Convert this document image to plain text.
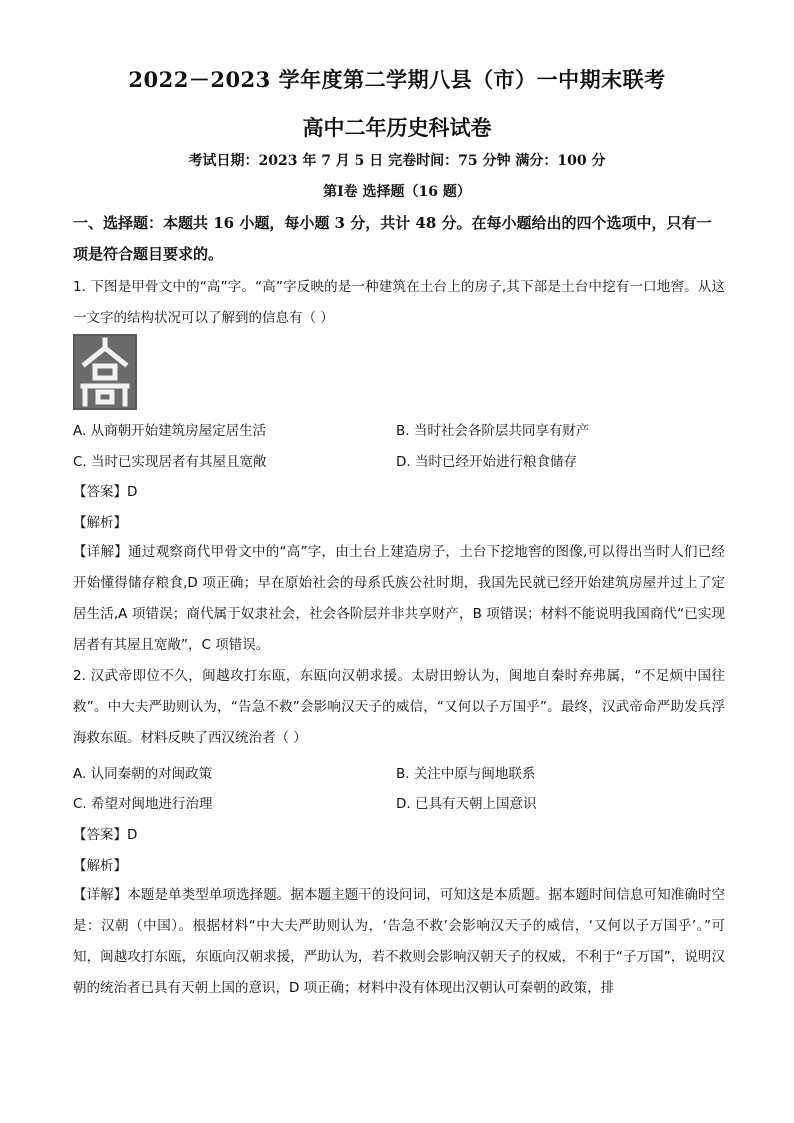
2022－2023 学年度第二学期八县（市）一中期末联考
高中二年历史科试卷
考试日期：2023 年 7 月 5 日 完卷时间：75 分钟 满分：100 分
第Ⅰ卷 选择题（16 题）
一、选择题：本题共 16 小题，每小题 3 分，共计 48 分。在每小题给出的四个选项中，只有一项是符合题目要求的。
1. 下图是甲骨文中的“高”字。“高”字反映的是一种建筑在土台上的房子,其下部是土台中挖有一口地窖。从这一文字的结构状况可以了解到的信息有（ ）
A. 从商朝开始建筑房屋定居生活	B. 当时社会各阶层共同享有财产
C. 当时已实现居者有其屋且宽敞	D. 当时已经开始进行粮食储存
【答案】D
【解析】
【详解】通过观察商代甲骨文中的“高”字，由土台上建造房子，土台下挖地窖的图像,可以得出当时人们已经开始懂得储存粮食,D 项正确；早在原始社会的母系氏族公社时期，我国先民就已经开始建筑房屋并过上了定居生活,A 项错误；商代属于奴隶社会，社会各阶层并非共享财产，B 项错误；材料不能说明我国商代“已实现居者有其屋且宽敞”，C 项错误。
2. 汉武帝即位不久，闽越攻打东瓯，东瓯向汉朝求援。太尉田蚡认为，闽地自秦时弃弗属，“不足烦中国往救”。中大夫严助则认为，“告急不救”会影响汉天子的威信，“又何以子万国乎”。最终，汉武帝命严助发兵浮海救东瓯。材料反映了西汉统治者（ ）
A. 认同秦朝的对闽政策	B. 关注中原与闽地联系
C. 希望对闽地进行治理	D. 已具有天朝上国意识
【答案】D
【解析】
【详解】本题是单类型单项选择题。据本题主题干的设问词，可知这是本质题。据本题时间信息可知准确时空是：汉朝（中国）。根据材料“中大夫严助则认为，‘告急不救’会影响汉天子的威信，‘又何以子万国乎’。”可知，闽越攻打东瓯，东瓯向汉朝求援，严助认为，若不救则会影响汉朝天子的权威，不利于“子万国”，说明汉朝的统治者已具有天朝上国的意识，D 项正确；材料中没有体现出汉朝认可秦朝的政策，排
